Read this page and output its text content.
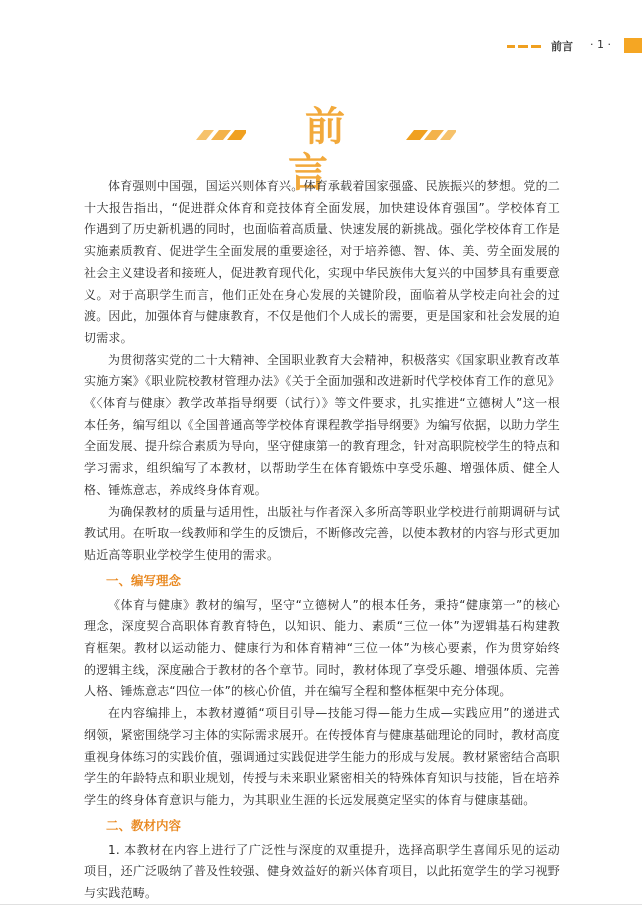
前言 · 1 ·
前言

体育强则中国强，国运兴则体育兴。体育承载着国家强盛、民族振兴的梦想。党的二十大报告指出，“促进群众体育和竞技体育全面发展，加快建设体育强国”。学校体育工作遇到了历史新机遇的同时，也面临着高质量、快速发展的新挑战。强化学校体育工作是实施素质教育、促进学生全面发展的重要途径，对于培养德、智、体、美、劳全面发展的社会主义建设者和接班人，促进教育现代化，实现中华民族伟大复兴的中国梦具有重要意义。对于高职学生而言，他们正处在身心发展的关键阶段，面临着从学校走向社会的过渡。因此，加强体育与健康教育，不仅是他们个人成长的需要，更是国家和社会发展的迫切需求。

为贯彻落实党的二十大精神、全国职业教育大会精神，积极落实《国家职业教育改革实施方案》《职业院校教材管理办法》《关于全面加强和改进新时代学校体育工作的意见》《〈体育与健康〉教学改革指导纲要（试行）》等文件要求，扎实推进“立德树人”这一根本任务，编写组以《全国普通高等学校体育课程教学指导纲要》为编写依据，以助力学生全面发展、提升综合素质为导向，坚守健康第一的教育理念，针对高职院校学生的特点和学习需求，组织编写了本教材，以帮助学生在体育锻炼中享受乐趣、增强体质、健全人格、锤炼意志，养成终身体育观。

为确保教材的质量与适用性，出版社与作者深入多所高等职业学校进行前期调研与试教试用。在听取一线教师和学生的反馈后，不断修改完善，以使本教材的内容与形式更加贴近高等职业学校学生使用的需求。

一、编写理念

《体育与健康》教材的编写，坚守“立德树人”的根本任务，秉持“健康第一”的核心理念，深度契合高职体育教育特色，以知识、能力、素质“三位一体”为逻辑基石构建教育框架。教材以运动能力、健康行为和体育精神“三位一体”为核心要素，作为贯穿始终的逻辑主线，深度融合于教材的各个章节。同时，教材体现了享受乐趣、增强体质、完善人格、锤炼意志“四位一体”的核心价值，并在编写全程和整体框架中充分体现。

在内容编排上，本教材遵循“项目引导—技能习得—能力生成—实践应用”的递进式纲领，紧密围绕学习主体的实际需求展开。在传授体育与健康基础理论的同时，教材高度重视身体练习的实践价值，强调通过实践促进学生能力的形成与发展。教材紧密结合高职学生的年龄特点和职业规划，传授与未来职业紧密相关的特殊体育知识与技能，旨在培养学生的终身体育意识与能力，为其职业生涯的长远发展奠定坚实的体育与健康基础。

二、教材内容

1. 本教材在内容上进行了广泛性与深度的双重提升，选择高职学生喜闻乐见的运动项目，还广泛吸纳了普及性较强、健身效益好的新兴体育项目，以此拓宽学生的学习视野与实践范畴。
